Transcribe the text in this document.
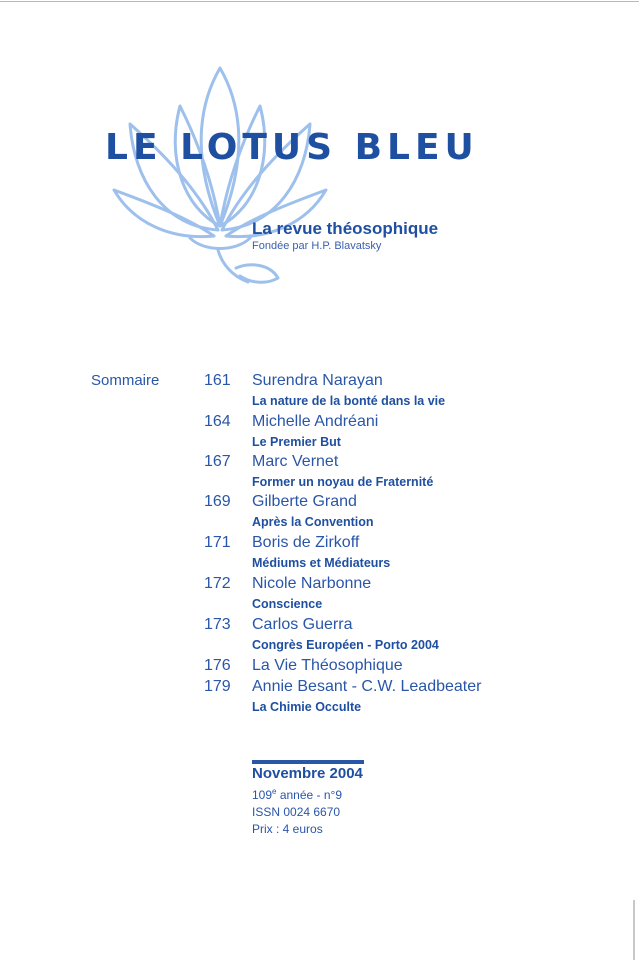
LE LOTUS BLEU
La revue théosophique
Fondée par H.P. Blavatsky
Sommaire	161 Surendra Narayan
La nature de la bonté dans la vie
164 Michelle Andréani
Le Premier But
167 Marc Vernet
Former un noyau de Fraternité
169 Gilberte Grand
Après la Convention
171 Boris de Zirkoff
Médiums et Médiateurs
172 Nicole Narbonne
Conscience
173 Carlos Guerra
Congrès Européen - Porto 2004
176 La Vie Théosophique
179 Annie Besant - C.W. Leadbeater
La Chimie Occulte
Novembre 2004
109e année - n°9
ISSN 0024 6670
Prix : 4 euros
